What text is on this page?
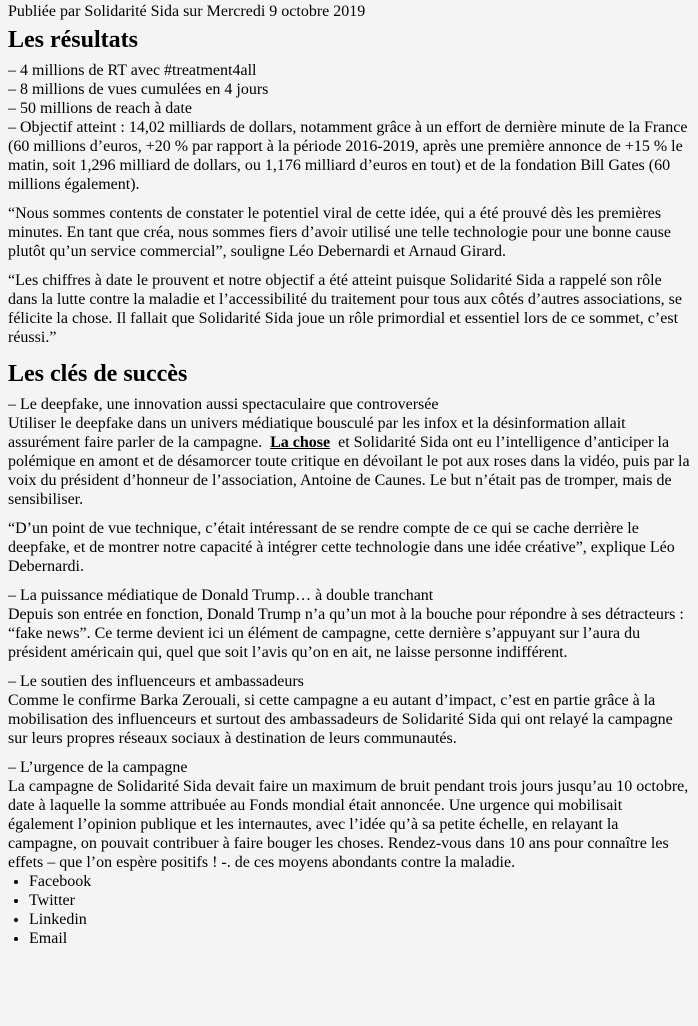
Publiée par Solidarité Sida sur Mercredi 9 octobre 2019
Les résultats
– 4 millions de RT avec #treatment4all
– 8 millions de vues cumulées en 4 jours
– 50 millions de reach à date
– Objectif atteint : 14,02 milliards de dollars, notamment grâce à un effort de dernière minute de la France (60 millions d’euros, +20 % par rapport à la période 2016-2019, après une première annonce de +15 % le matin, soit 1,296 milliard de dollars, ou 1,176 milliard d’euros en tout) et de la fondation Bill Gates (60 millions également).

“Nous sommes contents de constater le potentiel viral de cette idée, qui a été prouvé dès les premières minutes. En tant que créa, nous sommes fiers d’avoir utilisé une telle technologie pour une bonne cause plutôt qu’un service commercial”, souligne Léo Debernardi et Arnaud Girard.

“Les chiffres à date le prouvent et notre objectif a été atteint puisque Solidarité Sida a rappelé son rôle dans la lutte contre la maladie et l’accessibilité du traitement pour tous aux côtés d’autres associations, se félicite la chose. Il fallait que Solidarité Sida joue un rôle primordial et essentiel lors de ce sommet, c’est réussi.”

Les clés de succès
– Le deepfake, une innovation aussi spectaculaire que controversée
Utiliser le deepfake dans un univers médiatique bousculé par les infox et la désinformation allait assurément faire parler de la campagne. La chose et Solidarité Sida ont eu l’intelligence d’anticiper la polémique en amont et de désamorcer toute critique en dévoilant le pot aux roses dans la vidéo, puis par la voix du président d’honneur de l’association, Antoine de Caunes. Le but n’était pas de tromper, mais de sensibiliser.

“D’un point de vue technique, c’était intéressant de se rendre compte de ce qui se cache derrière le deepfake, et de montrer notre capacité à intégrer cette technologie dans une idée créative”, explique Léo Debernardi.

– La puissance médiatique de Donald Trump… à double tranchant
Depuis son entrée en fonction, Donald Trump n’a qu’un mot à la bouche pour répondre à ses détracteurs : “fake news”. Ce terme devient ici un élément de campagne, cette dernière s’appuyant sur l’aura du président américain qui, quel que soit l’avis qu’on en ait, ne laisse personne indifférent.
– Le soutien des influenceurs et ambassadeurs
Comme le confirme Barka Zerouali, si cette campagne a eu autant d’impact, c’est en partie grâce à la mobilisation des influenceurs et surtout des ambassadeurs de Solidarité Sida qui ont relayé la campagne sur leurs propres réseaux sociaux à destination de leurs communautés.
– L’urgence de la campagne
La campagne de Solidarité Sida devait faire un maximum de bruit pendant trois jours jusqu’au 10 octobre, date à laquelle la somme attribuée au Fonds mondial était annoncée. Une urgence qui mobilisait également l’opinion publique et les internautes, avec l’idée qu’à sa petite échelle, en relayant la campagne, on pouvait contribuer à faire bouger les choses. Rendez-vous dans 10 ans pour connaître les effets – que l’on espère positifs ! -. de ces moyens abondants contre la maladie.
• Facebook
• Twitter
• Linkedin
• Email
